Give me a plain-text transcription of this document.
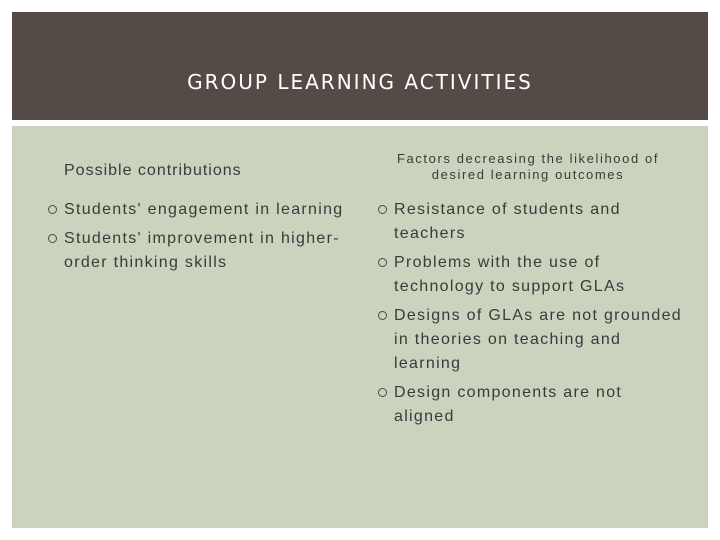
GROUP LEARNING ACTIVITIES
Possible contributions
Factors decreasing the likelihood of desired learning outcomes
Students' engagement in learning
Students' improvement in higher-order thinking skills
Resistance of students and teachers
Problems with the use of technology to support GLAs
Designs of GLAs are not grounded in theories on teaching and learning
Design components are not aligned
